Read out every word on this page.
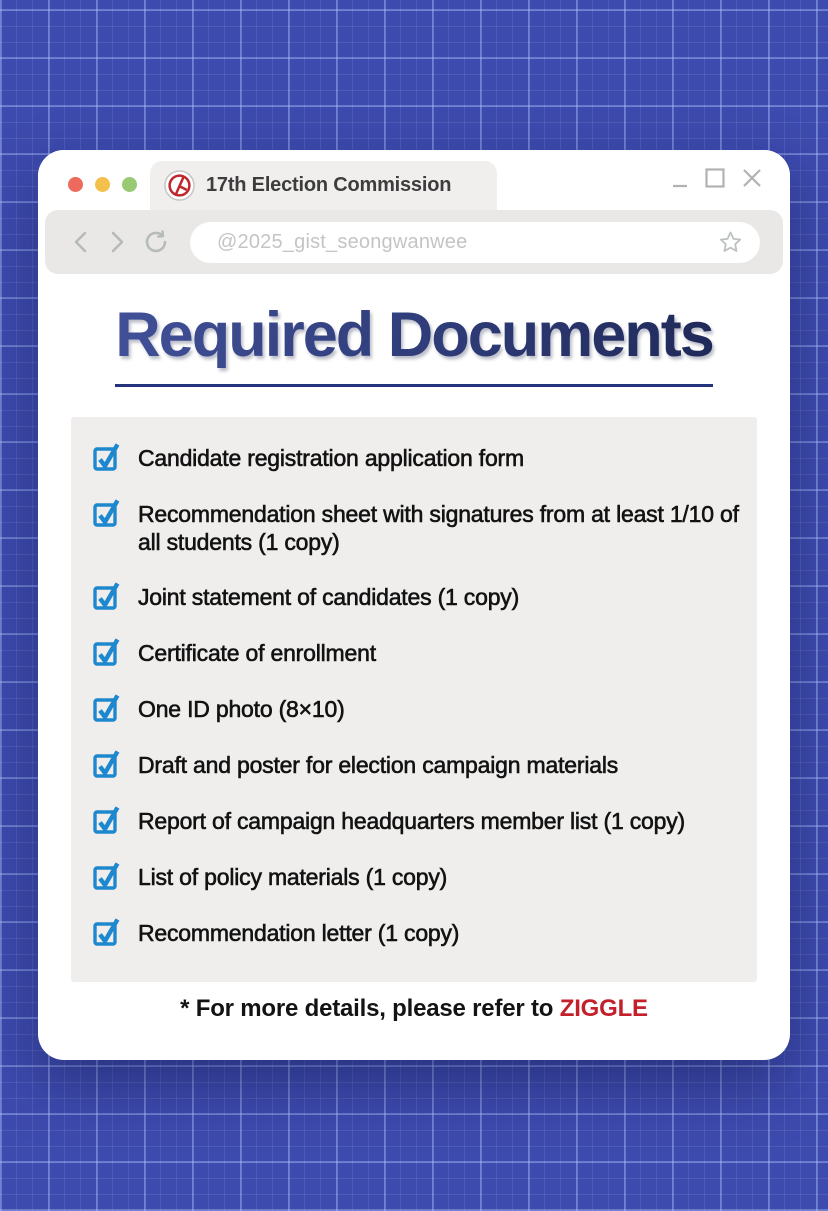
17th Election Commission
@2025_gist_seongwanwee
Required Documents
Candidate registration application form
Recommendation sheet with signatures from at least 1/10 of all students (1 copy)
Joint statement of candidates (1 copy)
Certificate of enrollment
One ID photo (8×10)
Draft and poster for election campaign materials
Report of campaign headquarters member list (1 copy)
List of policy materials (1 copy)
Recommendation letter (1 copy)
* For more details, please refer to ZIGGLE
